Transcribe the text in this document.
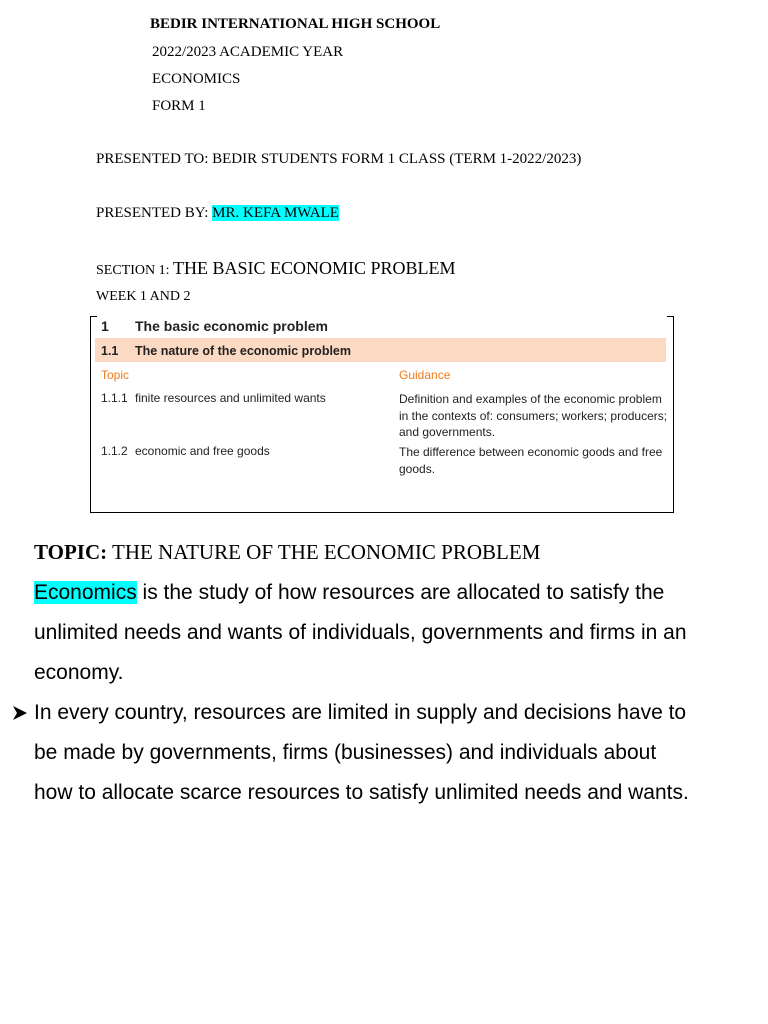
BEDIR INTERNATIONAL HIGH SCHOOL
2022/2023 ACADEMIC YEAR
ECONOMICS
FORM 1
PRESENTED TO: BEDIR STUDENTS FORM 1 CLASS (TERM 1-2022/2023)
PRESENTED BY: MR. KEFA MWALE
SECTION 1: THE BASIC ECONOMIC PROBLEM
WEEK 1 AND 2
1 The basic economic problem
1.1 The nature of the economic problem
Topic	Guidance
1.1.1 finite resources and unlimited wants	Definition and examples of the economic problem in the contexts of: consumers; workers; producers; and governments.
1.1.2 economic and free goods	The difference between economic goods and free goods.
TOPIC: THE NATURE OF THE ECONOMIC PROBLEM
Economics is the study of how resources are allocated to satisfy the unlimited needs and wants of individuals, governments and firms in an economy.
In every country, resources are limited in supply and decisions have to be made by governments, firms (businesses) and individuals about how to allocate scarce resources to satisfy unlimited needs and wants.
